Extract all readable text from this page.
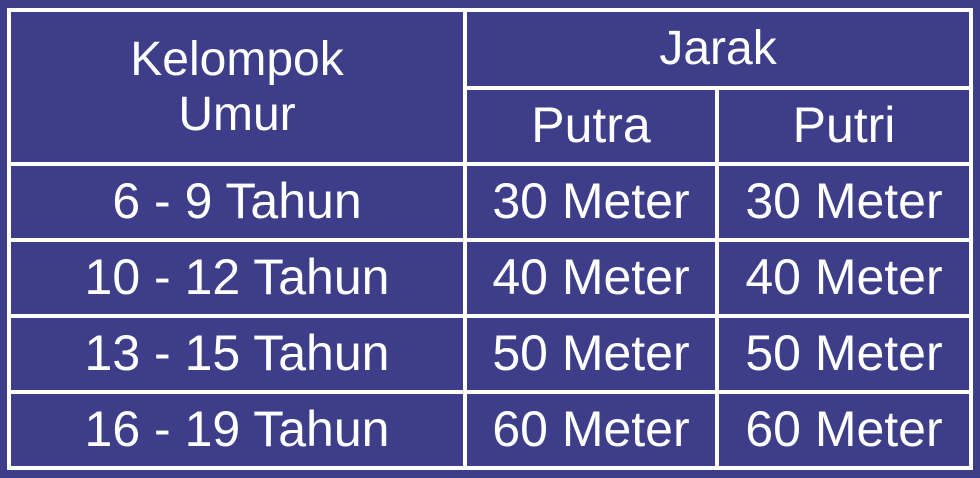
Kelompok
Umur	Jarak	
	Putra	Putri
6 - 9 Tahun	30 Meter	30 Meter
10 - 12 Tahun	40 Meter	40 Meter
13 - 15 Tahun	50 Meter	50 Meter
16 - 19 Tahun	60 Meter	60 Meter
